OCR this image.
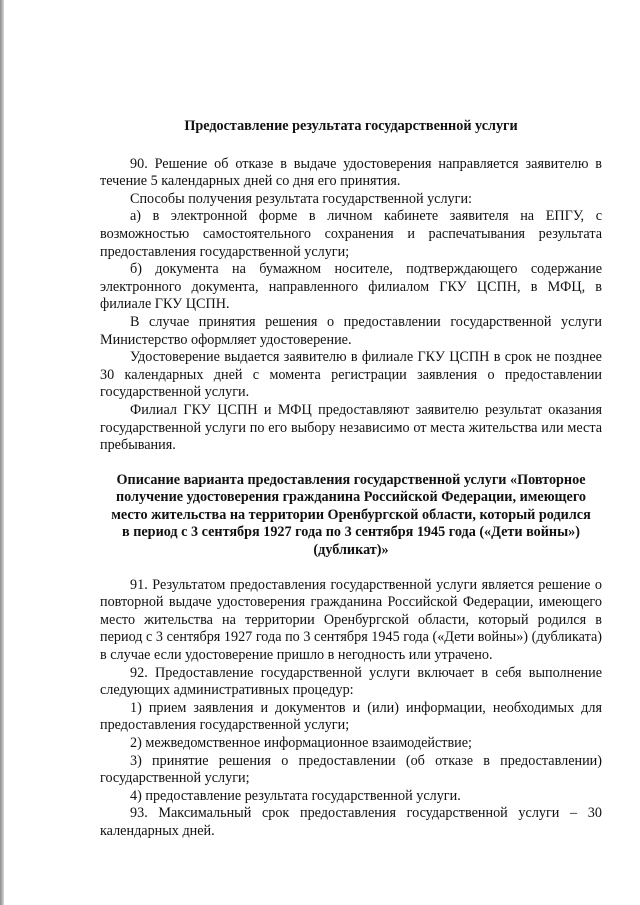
Предоставление результата государственной услуги

90. Решение об отказе в выдаче удостоверения направляется заявителю в течение 5 календарных дней со дня его принятия.

Способы получения результата государственной услуги:

а) в электронной форме в личном кабинете заявителя на ЕПГУ, с возможностью самостоятельного сохранения и распечатывания результата предоставления государственной услуги;

б) документа на бумажном носителе, подтверждающего содержание электронного документа, направленного филиалом ГКУ ЦСПН, в МФЦ, в филиале ГКУ ЦСПН.

В случае принятия решения о предоставлении государственной услуги Министерство оформляет удостоверение.

Удостоверение выдается заявителю в филиале ГКУ ЦСПН в срок не позднее 30 календарных дней с момента регистрации заявления о предоставлении государственной услуги.

Филиал ГКУ ЦСПН и МФЦ предоставляют заявителю результат оказания государственной услуги по его выбору независимо от места жительства или места пребывания.

Описание варианта предоставления государственной услуги «Повторное получение удостоверения гражданина Российской Федерации, имеющего место жительства на территории Оренбургской области, который родился в период с 3 сентября 1927 года по 3 сентября 1945 года («Дети войны») (дубликат)»

91. Результатом предоставления государственной услуги является решение о повторной выдаче удостоверения гражданина Российской Федерации, имеющего место жительства на территории Оренбургской области, который родился в период с 3 сентября 1927 года по 3 сентября 1945 года («Дети войны») (дубликата) в случае если удостоверение пришло в негодность или утрачено.

92. Предоставление государственной услуги включает в себя выполнение следующих административных процедур:

1) прием заявления и документов и (или) информации, необходимых для предоставления государственной услуги;

2) межведомственное информационное взаимодействие;

3) принятие решения о предоставлении (об отказе в предоставлении) государственной услуги;

4) предоставление результата государственной услуги.

93. Максимальный срок предоставления государственной услуги – 30 календарных дней.
